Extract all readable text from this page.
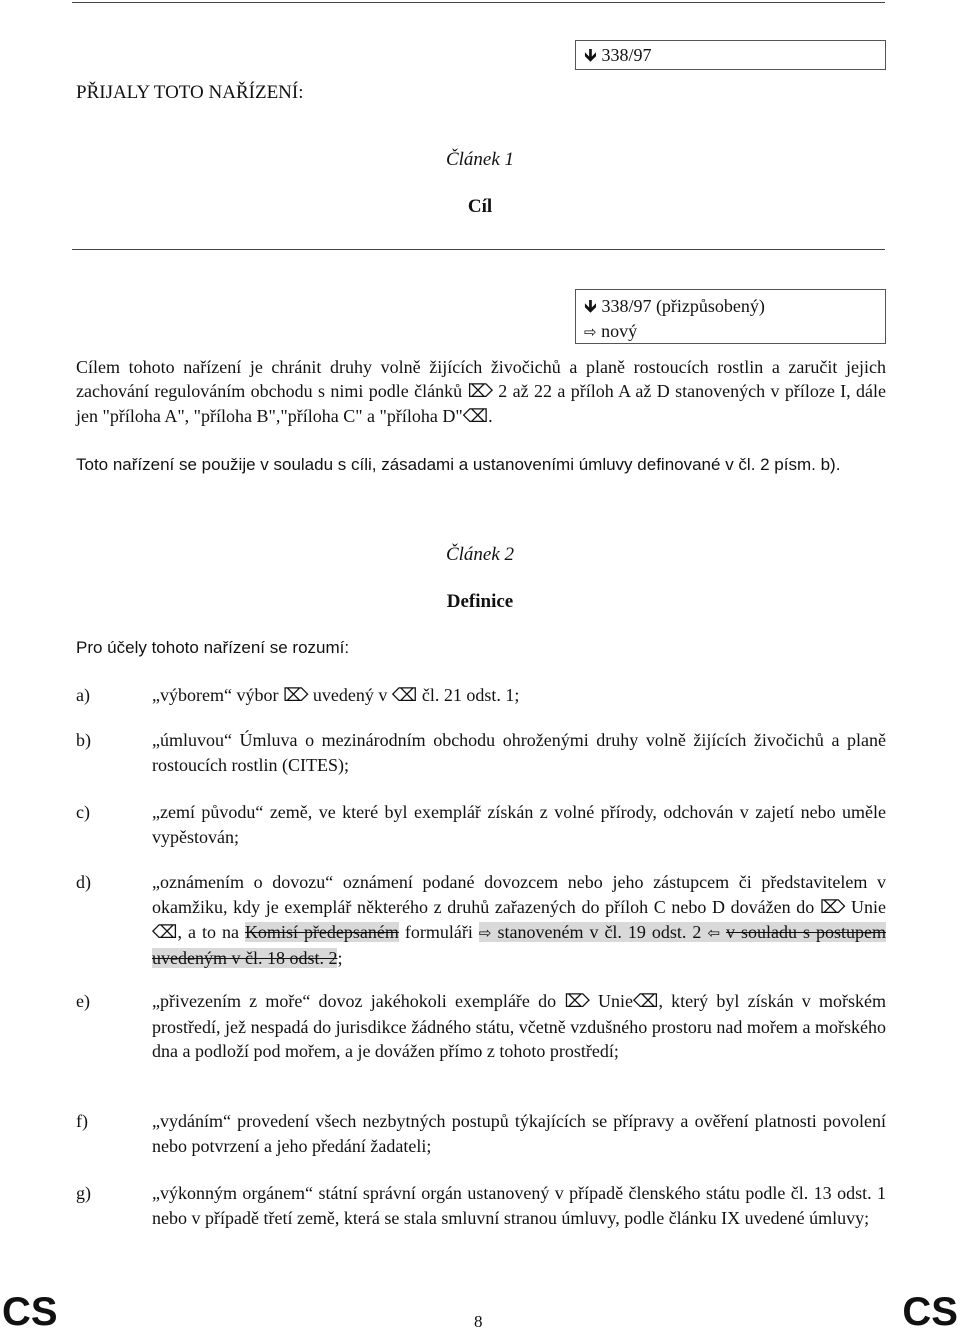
🡻 338/97
PŘIJALY TOTO NAŘÍZENÍ:
Článek 1
Cíl
🡻 338/97 (přizpůsobený)
⇨ nový
Cílem tohoto nařízení je chránit druhy volně žijících živočichů a planě rostoucích rostlin a zaručit jejich zachování regulováním obchodu s nimi podle článků ⌦ 2 až 22 a příloh A až D stanovených v příloze I, dále jen "příloha A", "příloha B","příloha C" a "příloha D"⌫.
Toto nařízení se použije v souladu s cíli, zásadami a ustanoveními úmluvy definované v čl. 2 písm. b).
Článek 2
Definice
Pro účely tohoto nařízení se rozumí:
a)	„výborem“ výbor ⌦ uvedený v ⌫ čl. 21 odst. 1;
b)	„úmluvou“ Úmluva o mezinárodním obchodu ohroženými druhy volně žijících živočichů a planě rostoucích rostlin (CITES);
c)	„zemí původu“ země, ve které byl exemplář získán z volné přírody, odchován v zajetí nebo uměle vypěstován;
d)	„oznámením o dovozu“ oznámení podané dovozcem nebo jeho zástupcem či představitelem v okamžiku, kdy je exemplář některého z druhů zařazených do příloh C nebo D dovážen do ⌦ Unie⌫, a to na Komisí předepsaném formuláři ⇨ stanoveném v čl. 19 odst. 2 ⇦ v souladu s postupem uvedeným v čl. 18 odst. 2;
e)	„přivezením z moře“ dovoz jakéhokoli exempláře do ⌦ Unie⌫, který byl získán v mořském prostředí, jež nespadá do jurisdikce žádného státu, včetně vzdušného prostoru nad mořem a mořského dna a podloží pod mořem, a je dovážen přímo z tohoto prostředí;
f)	„vydáním“ provedení všech nezbytných postupů týkajících se přípravy a ověření platnosti povolení nebo potvrzení a jeho předání žadateli;
g)	„výkonným orgánem“ státní správní orgán ustanovený v případě členského státu podle čl. 13 odst. 1 nebo v případě třetí země, která se stala smluvní stranou úmluvy, podle článku IX uvedené úmluvy;
CS	8	CS
